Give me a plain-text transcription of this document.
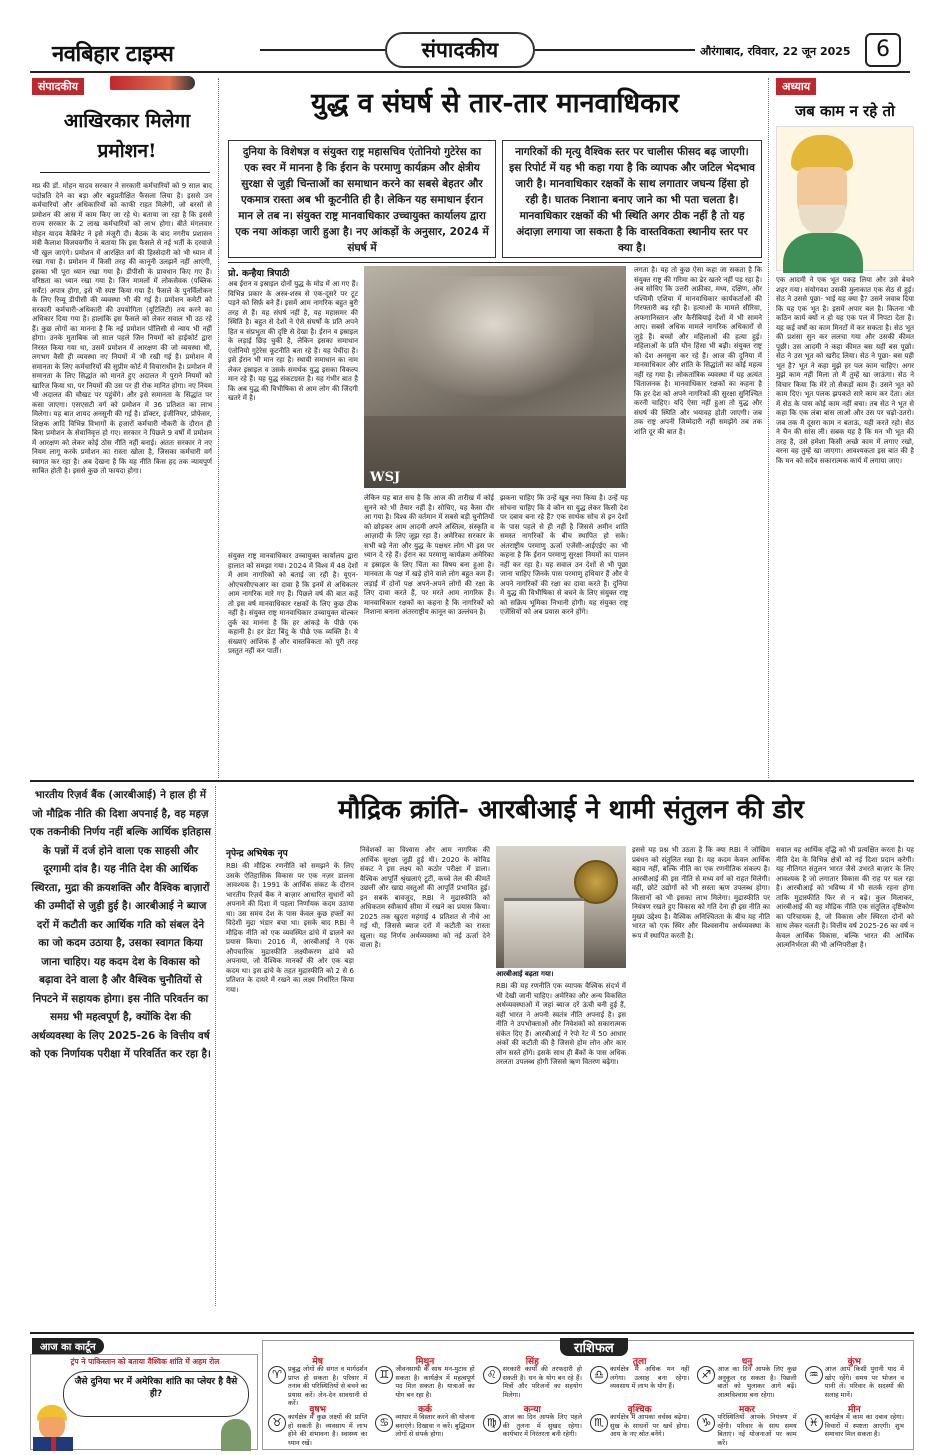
नवबिहार टाइम्स	संपादकीय	औरंगाबाद, रविवार, 22 जून 2025	6
संपादकीय
आखिरकार मिलेगा प्रमोशन!
मप्र की डॉ. मोहन यादव सरकार ने सरकारी कर्मचारियों को 9 साल बाद पदोन्नति देने का बड़ा और बहुप्रतीक्षित फैसला लिया है। इससे उन कर्मचारियों और अधिकारियों को काफी राहत मिलेगी, जो बरसों से प्रमोशन की आस में काम किए जा रहे थे। बताया जा रहा है कि इससे राज्य सरकार के 2 लाख कर्मचारियों को लाभ होगा। बीते मंगलवार मोहन यादव कैबिनेट ने इसे मंजूरी दी। बैठक के बाद नगरीय प्रशासन मंत्री कैलाश विजयवर्गीय ने बताया कि इस फैसले से नई भर्ती के दरवाजे भी खुल जाएंगे। प्रमोशन में आरक्षित वर्ग की हिस्सेदारी को भी ध्यान में रखा गया है। प्रमोशन में किसी तरह की कानूनी उलझनें नहीं आएंगी, इसका भी पूरा ध्यान रखा गया है। डीपीसी के प्रावधान किए गए हैं। वरिष्ठता का ध्यान रखा गया है। जिन मामलों में लोकसेवक (पब्लिक सर्वेंट) अपात्र होगा, इसे भी स्पष्ट किया गया है। फैसले के पुनर्विलोकन के लिए रिव्यू डीपीसी की व्यवस्था भी की गई है। प्रमोशन कमेटी को सरकारी कर्मचारी-अधिकारी की उपयोगिता (यूटिलिटी) तय करने का अधिकार दिया गया है। हालांकि इस फैसले को लेकर सवाल भी उठ रहे हैं। कुछ लोगों का मानना है कि नई प्रमोशन पॉलिसी से न्याय भी नहीं होगा। उनके मुताबिक जो साल पहले जिन नियमों को हाईकोर्ट द्वारा निरस्त किया गया था, उसमें प्रमोशन में आरक्षण की जो व्यवस्था थी, लगभग वैसी ही व्यवस्था नए नियमों में भी रखी गई है। प्रमोशन में समानता के लिए कर्मचारियों की सुप्रीम कोर्ट में विचाराधीन है। प्रमोशन में समानता के लिए सिद्धांत को मानते हुए अदालत में पुराने नियमों को खारिज किया था, पर नियमों की उस पर ही रोक मानित होगा। नए नियम भी अदालत की चौखट पर पहुंचेंगे। और इसे समानता के सिद्धांत पर कसा जाएगा। एसएसटी वर्ग को प्रमोशन में 36 प्रतिशत का लाभ मिलेगा। यह बात शायद अनसुनी की गई है। डॉक्टर, इंजीनियर, प्रोफेसर, शिक्षक आदि विभिन्न विभागों के हजारों कर्मचारी नौकरी के दौरान ही बिना प्रमोशन के सेवानिवृत्त हो गए। सरकार ने पिछले 9 वर्षों में प्रमोशन में आरक्षण को लेकर कोई ठोस नीति नहीं बनाई। अंततः सरकार ने नए नियम लागू करके प्रमोशन का रास्ता खोला है, जिसका कर्मचारी वर्ग स्वागत कर रहा है। अब देखना है कि यह नीति किस हद तक न्यायपूर्ण साबित होती है। इससे कुछ तो फायदा होगा।
युद्ध व संघर्ष से तार-तार मानवाधिकार
दुनिया के विशेषज्ञ व संयुक्त राष्ट्र महासचिव एंतोनियो गुटेरेस का एक स्वर में मानना है कि ईरान के परमाणु कार्यक्रम और क्षेत्रीय सुरक्षा से जुड़ी चिन्ताओं का समाधान करने का सबसे बेहतर और एकमात्र रास्ता अब भी कूटनीति ही है। लेकिन यह समाधान ईरान मान ले तब न। संयुक्त राष्ट्र मानवाधिकार उच्चायुक्त कार्यालय द्वारा एक नया आंकड़ा जारी हुआ है। नए आंकड़ों के अनुसार, 2024 में संघर्ष में
नागरिकों की मृत्यु वैश्विक स्तर पर चालीस फीसद बढ़ जाएगी। इस रिपोर्ट में यह भी कहा गया है कि व्यापक और जटिल भेदभाव जारी है। मानवाधिकार रक्षकों के साथ लगातार जघन्य हिंसा हो रही है। घातक निशाना बनाए जाने का भी पता चलता है। मानवाधिकार रक्षकों की भी स्थिति अगर ठीक नहीं है तो यह अंदाज़ा लगाया जा सकता है कि वास्तविकता स्थानीय स्तर पर क्या है।
प्रो. कन्हैया त्रिपाठी
अब ईरान व इस्राइल दोनों युद्ध के मोड में आ गए हैं। विभिन्न प्रकार के अस्त्र-शस्त्र से एक-दूसरे पर टूट पड़ने को सिर्फ़ बने हैं। इसमें आम नागरिक बहुत बुरी तरह से हैं। यह संघर्ष नहीं है, यह महासमर की स्थिति है। बहुत से देशों ने ऐसे संघर्षों के प्रति अपने हित व संप्रभुता की दृष्टि से देखा है। ईरान व इस्राइल के लड़ाई छिड़ चुकी है, लेकिन इसका समाधान एंतोनियो गुटेरेस कूटनीति बता रहे हैं। यह पेचीदा है। इसे ईरान भी मान रहा है। स्थायी समाधान का नाम लेकर इस्राइल व उसके समर्थक युद्ध इसका विकल्प मान रहे हैं। यह युद्ध संकटग्रस्त है। यह गंभीर बात है कि अब युद्ध की विभीषिका से आम लोग की जिंदगी खतरे में है।
संयुक्त राष्ट्र मानवाधिकार उच्चायुक्त कार्यालय द्वारा हालात को समझा गया। 2024 में विश्व में 48 देशों में आम नागरिकों को बताई जा रही है। यूएन-ओएचसीएचआर का दावा है कि इनमें से अधिकतर आम नागरिक मारे गए हैं। पिछले वर्ष की बात कहें तो इस वर्ष मानवाधिकार रक्षकों के लिए कुछ ठीक नहीं है। संयुक्त राष्ट्र मानवाधिकार उच्चायुक्त वोल्कर तुर्क का मानना है कि हर आंकड़े के पीछे एक कहानी है। हर डेटा बिंदु के पीछे एक व्यक्ति है। ये संख्याएं आंशिक हैं और वास्तविकता को पूरी तरह प्रस्तुत नहीं कर पातीं।
WSJ
लेकिन यह बात सच है कि आज की तारीख में कोई सुनने को भी तैयार नहीं है। सोचिए, यह कैसा दौर आ गया है। विश्व की वर्तमान में सबसे बड़ी चुनौतियों को छोड़कर आम आदमी अपने अस्तित्व, संस्कृति व आज़ादी के लिए जूझ रहा है। अमेरिका सरकार के सभी बड़े नेता और युद्ध के पक्षधर लोग भी इस पर ध्यान दे रहे हैं। ईरान का परमाणु कार्यक्रम अमेरिका व इस्राइल के लिए चिंता का विषय बना हुआ है। मानवता के पक्ष में खड़े होने वाले लोग बहुत कम हैं। लड़ाई में दोनों पक्ष अपने-अपने लोगों की रक्षा के लिए दावा करते हैं, पर मरते आम नागरिक हैं। मानवाधिकार रक्षकों का कहना है कि नागरिकों को निशाना बनाना अंतरराष्ट्रीय कानून का उल्लंघन है।
झकना चाहिए कि उन्हें खूब नया किया है। उन्हें यह सोचना चाहिए कि वे कौन सा युद्ध लेकर किसी देश पर दबाव बना रहे हैं? एक सार्थक सोच से इन देशों के पास पहले से ही नहीं है जिससे अमीन शांति समस्त नागरिकों के बीच स्थापित हो सके। अंतराष्ट्रीय परमाणु ऊर्जा एजेंसी-आईएईए का भी कहना है कि ईरान परमाणु सुरक्षा नियमों का पालन नहीं कर रहा है। यह सवाल उन देशों से भी पूछा जाना चाहिए जिनके पास परमाणु हथियार हैं और वे अपने नागरिकों की रक्षा का दावा करते हैं। दुनिया में युद्ध की विभीषिका से बचने के लिए संयुक्त राष्ट्र को सक्रिय भूमिका निभानी होगी। यह संयुक्त राष्ट्र एजेंसियों को अब प्रयास करने होंगे।
लगता है। यह तो कुछ ऐसा कहा जा सकता है कि संयुक्त राष्ट्र की गरिमा का ढेर खतरे नहीं पड़ रहा है। अब सोचिए कि उत्तरी अफ्रीका, मध्य, दक्षिण, और पश्चिमी एशिया में मानवाधिकार कार्यकर्ताओं की गिरफ्तारी बढ़ रही है। हत्याओं के मामले सीरिया, अफगानिस्तान और कैरीबियाई देशों में भी सामने आए। सबसे अधिक मामले नागरिक अधिकारों से जुड़े हैं। बच्चों और महिलाओं की हत्या हुई। महिलाओं के प्रति यौन हिंसा भी बढ़ी। संयुक्त राष्ट्र को देश अनसुना कर रहे हैं। आज की दुनिया में मानवाधिकार और शांति के सिद्धांतों का कोई महत्व नहीं रह गया है। लोकतांत्रिक व्यवस्था में यह अत्यंत चिंताजनक है। मानवाधिकार रक्षकों का कहना है कि हर देश को अपने नागरिकों की सुरक्षा सुनिश्चित करनी चाहिए। यदि ऐसा नहीं हुआ तो युद्ध और संघर्ष की स्थिति और भयावह होती जाएगी। जब तक राष्ट्र अपनी जिम्मेदारी नहीं समझेंगे तब तक शांति दूर की बात है।
अध्याय
जब काम न रहे तो
एक आदमी ने एक भूत पकड़ लिया और उसे बेचने शहर गया। संयोगवश उसकी मुलाकात एक सेठ से हुई। सेठ ने उससे पूछा- भाई यह क्या है? उसने जवाब दिया कि यह एक भूत है। इसमें अपार बल है। कितना भी कठिन कार्य क्यों न हो यह एक पल में निपटा देता है। यह कई वर्षों का काम मिनटों में कर सकता है। सेठ भूत की प्रशंसा सुन कर ललचा गया और उसकी कीमत पूछी। उस आदमी ने कहा कीमत बस यहीं बस पूछो। सेठ ने उस भूत को खरीद लिया। सेठ ने पूछा- बस यही भूत है? भूत ने कहा मुझे हर पल काम चाहिए। अगर मुझे काम नहीं मिला तो मैं तुम्हें खा जाऊंगा। सेठ ने विचार किया कि मेरे तो सैकड़ों काम हैं। उसने भूत को काम दिए। भूत पलक झपकते सारे काम कर देता। अंत में सेठ के पास कोई काम नहीं बचा। तब सेठ ने भूत से कहा कि एक लंबा बांस लाओ और उस पर चढ़ो-उतरो। जब तक मैं दूसरा काम न बताऊं, यही करते रहो। सेठ ने चैन की सांस ली। सबक यह है कि मन भी भूत की तरह है, उसे हमेशा किसी अच्छे काम में लगाए रखो, वरना वह तुम्हें खा जाएगा। आवश्यकता इस बात की है कि मन को सदैव सकारात्मक कार्य में लगाया जाए।
भारतीय रिज़र्व बैंक (आरबीआई) ने हाल ही में जो मौद्रिक नीति की दिशा अपनाई है, वह महज़ एक तकनीकी निर्णय नहीं बल्कि आर्थिक इतिहास के पन्नों में दर्ज होने वाला एक साहसी और दूरगामी दांव है। यह नीति देश की आर्थिक स्थिरता, मुद्रा की क्रयशक्ति और वैश्विक बाज़ारों की उम्मीदों से जुड़ी हुई है। आरबीआई ने ब्याज दरों में कटौती कर आर्थिक गति को संबल देने का जो कदम उठाया है, उसका स्वागत किया जाना चाहिए। यह कदम देश के विकास को बढ़ावा देने वाला है और वैश्विक चुनौतियों से निपटने में सहायक होगा। इस नीति परिवर्तन का समग्र भी महत्वपूर्ण है, क्योंकि देश की अर्थव्यवस्था के लिए 2025-26 के वित्तीय वर्ष को एक निर्णायक परीक्षा में परिवर्तित कर रहा है।
मौद्रिक क्रांति- आरबीआई ने थामी संतुलन की डोर
नृपेन्द्र अभिषेक नृप
RBI की मौद्रिक रणनीति को समझने के लिए उसके ऐतिहासिक विकास पर एक नज़र डालना आवश्यक है। 1991 के आर्थिक संकट के दौरान भारतीय रिज़र्व बैंक ने बाज़ार आधारित सुधारों को अपनाने की दिशा में पहला निर्णायक कदम उठाया था। उस समय देश के पास केवल कुछ हफ्तों का विदेशी मुद्रा भंडार बचा था। इसके बाद RBI ने मौद्रिक नीति को एक व्यवस्थित ढांचे में ढालने का प्रयास किया। 2016 में, आरबीआई ने एक औपचारिक मुद्रास्फीति लक्ष्यीकरण ढांचे को अपनाया, जो वैश्विक मानकों की ओर एक बड़ा कदम था। इस ढांचे के तहत मुद्रास्फीति को 2 से 6 प्रतिशत के दायरे में रखने का लक्ष्य निर्धारित किया गया।
निवेशकों का विश्वास और आम नागरिक की आर्थिक सुरक्षा जुड़ी हुई थी। 2020 के कोविड संकट ने इस लक्ष्य को कठोर परीक्षा में डाला। वैश्विक आपूर्ति श्रृंखलाएं टूटीं, कच्चे तेल की कीमतें उछलीं और खाद्य वस्तुओं की आपूर्ति प्रभावित हुई। इन सबके बावजूद, RBI ने मुद्रास्फीति को अधिकतम स्वीकार्य सीमा में रखने का प्रयास किया। 2025 तक खुदरा महंगाई 4 प्रतिशत से नीचे आ गई थी, जिससे ब्याज दरों में कटौती का रास्ता खुला। यह निर्णय अर्थव्यवस्था को नई ऊर्जा देने वाला है।
आरबीआई बढ़ता गया।
RBI की यह रणनीति एक व्यापक वैश्विक संदर्भ में भी देखी जानी चाहिए। अमेरिका और अन्य विकसित अर्थव्यवस्थाओं में जहां ब्याज दरें ऊंची बनी हुई हैं, वहीं भारत ने अपनी स्वतंत्र नीति अपनाई है। इस नीति ने उपभोक्ताओं और निवेशकों को सकारात्मक संकेत दिए हैं। आरबीआई ने रेपो रेट में 50 आधार अंकों की कटौती की है जिससे होम लोन और कार लोन सस्ते होंगे। इसके साथ ही बैंकों के पास अधिक तरलता उपलब्ध होगी जिससे ऋण वितरण बढ़ेगा।
इससे यह प्रश्न भी उठता है कि क्या RBI ने जोखिम प्रबंधन को संतुलित रखा है। यह कदम केवल आर्थिक बहाव नहीं, बल्कि नीति का एक रणनीतिक संकल्प है। आरबीआई की इस नीति से मध्य वर्ग को राहत मिलेगी। वहीं, छोटे उद्योगों को भी सस्ता ऋण उपलब्ध होगा। किसानों को भी इसका लाभ मिलेगा। मुद्रास्फीति पर नियंत्रण रखते हुए विकास को गति देना ही इस नीति का मुख्य उद्देश्य है। वैश्विक अनिश्चितता के बीच यह नीति भारत को एक स्थिर और विश्वसनीय अर्थव्यवस्था के रूप में स्थापित करती है।
सवाल यह आर्थिक वृद्धि को भी प्रत्यक्षित करता है। यह नीति देश के विभिन्न क्षेत्रों को नई दिशा प्रदान करेगी। यह नीतिगत संतुलन भारत जैसे उभरते बाज़ार के लिए आवश्यक है जो लगातार विकास की राह पर चल रहा है। आरबीआई को भविष्य में भी सतर्क रहना होगा ताकि मुद्रास्फीति फिर से न बढ़े। कुल मिलाकर, आरबीआई की यह मौद्रिक नीति एक संतुलित दृष्टिकोण का परिचायक है, जो विकास और स्थिरता दोनों को साथ लेकर चलती है। वित्तीय वर्ष 2025-26 का वर्ष न केवल आर्थिक विकास, बल्कि भारत की आर्थिक आत्मनिर्भरता की भी अग्निपरीक्षा है।
आज का कार्टून
ट्रंप ने पाकिस्तान को बताया वैश्विक शांति में अहम रोल
जैसे दुनिया भर में अमेरिका शांति का प्लेयर है वैसे ही?
राशिफल
मेष
♈ प्रबुद्ध लोगों की संगत व मार्गदर्शन प्राप्त हो सकता है। परिवार में तनाव की परिस्थितियों से बचने का प्रयास करें। लेन-देन सावधानी से करें।
मिथुन
♊ जीवनसाथी के साथ मन-मुटाव हो सकता है। कार्यक्षेत्र में महत्वपूर्ण पद मिल सकता है। यात्राओं का योग बन रहा है।
सिंह
♌ सरकारी कार्यों की तरफदारी हो सकती है। धन के योग बन रहे हैं। मित्रों और परिजनों का सहयोग मिलेगा।
तुला
♎ कार्यक्षेत्र में अधिक मन नहीं लगेगा। उत्साह बना रहेगा। व्यवसाय में लाभ के योग हैं।
धनु
♐ आज का दिन आपके लिए कुछ अनुकूल रह सकता है। पिछली बातों को भुलाकर आगे बढ़ें। आत्मविश्वास बना रहेगा।
कुंभ
♒ आज आप किसी पुरानी याद में खोए रहेंगे। समय पर भोजन व पानी लें। परिवार के सदस्यों की सलाह मानें।
वृषभ
♉ कार्यक्षेत्र में कुछ लक्ष्यों की प्राप्ति हो सकती है। व्यवसाय में लाभ होने की संभावना है। स्वास्थ्य का ध्यान रखें।
कर्क
♋ व्यापार में विस्तार करने की योजना बनाएंगे। दिखावा न करें। बुद्धिमान लोगों से संपर्क होगा।
कन्या
♍ आज का दिन आपके लिए पहले की तुलना में सुखद रहेगा। कार्यभार में निरंतरता बनी रहेगी।
वृश्चिक
♏ कार्यक्षेत्र में आपका वर्चस्व बढ़ेगा। सुख के साधनों पर खर्च होगा। आय के नए स्रोत बनेंगे।
मकर
♑ परिस्थितियों आपके नियंत्रण में रहेंगी। परिवार के साथ समय बिताएं। नई योजनाओं पर काम करें।
मीन
♓ कार्यक्षेत्र में काम का दबाव रहेगा। विचारों में स्पष्टता आएगी। शुभ समाचार मिल सकता है।
